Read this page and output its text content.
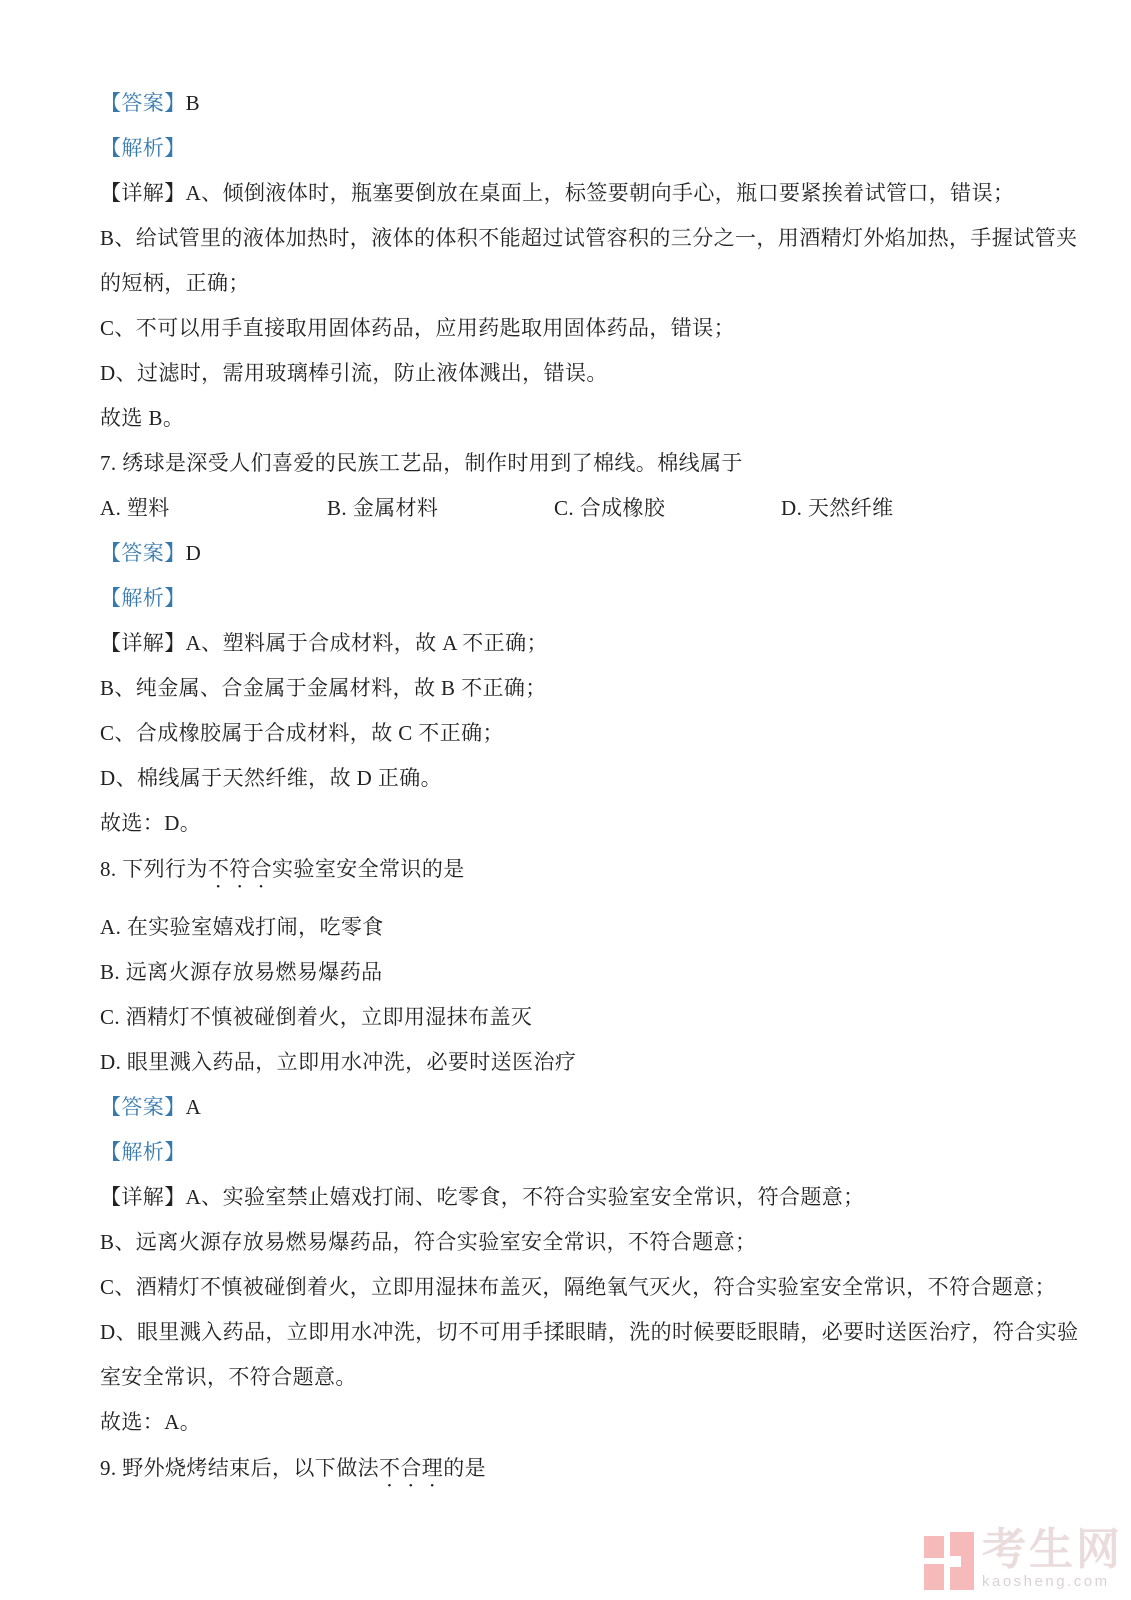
【答案】B

【解析】

【详解】A、倾倒液体时，瓶塞要倒放在桌面上，标签要朝向手心，瓶口要紧挨着试管口，错误；

B、给试管里的液体加热时，液体的体积不能超过试管容积的三分之一，用酒精灯外焰加热，手握试管夹

的短柄，正确；

C、不可以用手直接取用固体药品，应用药匙取用固体药品，错误；

D、过滤时，需用玻璃棒引流，防止液体溅出，错误。

故选 B。

7. 绣球是深受人们喜爱的民族工艺品，制作时用到了棉线。棉线属于

A. 塑料	B. 金属材料	C. 合成橡胶	D. 天然纤维

【答案】D

【解析】

【详解】A、塑料属于合成材料，故 A 不正确；

B、纯金属、合金属于金属材料，故 B 不正确；

C、合成橡胶属于合成材料，故 C 不正确；

D、棉线属于天然纤维，故 D 正确。

故选：D。

8. 下列行为不符合实验室安全常识的是

A. 在实验室嬉戏打闹，吃零食

B. 远离火源存放易燃易爆药品

C. 酒精灯不慎被碰倒着火，立即用湿抹布盖灭

D. 眼里溅入药品，立即用水冲洗，必要时送医治疗

【答案】A

【解析】

【详解】A、实验室禁止嬉戏打闹、吃零食，不符合实验室安全常识，符合题意；

B、远离火源存放易燃易爆药品，符合实验室安全常识，不符合题意；

C、酒精灯不慎被碰倒着火，立即用湿抹布盖灭，隔绝氧气灭火，符合实验室安全常识，不符合题意；

D、眼里溅入药品，立即用水冲洗，切不可用手揉眼睛，洗的时候要眨眼睛，必要时送医治疗，符合实验

室安全常识，不符合题意。

故选：A。

9. 野外烧烤结束后，以下做法不合理的是

考生网
kaosheng.com
